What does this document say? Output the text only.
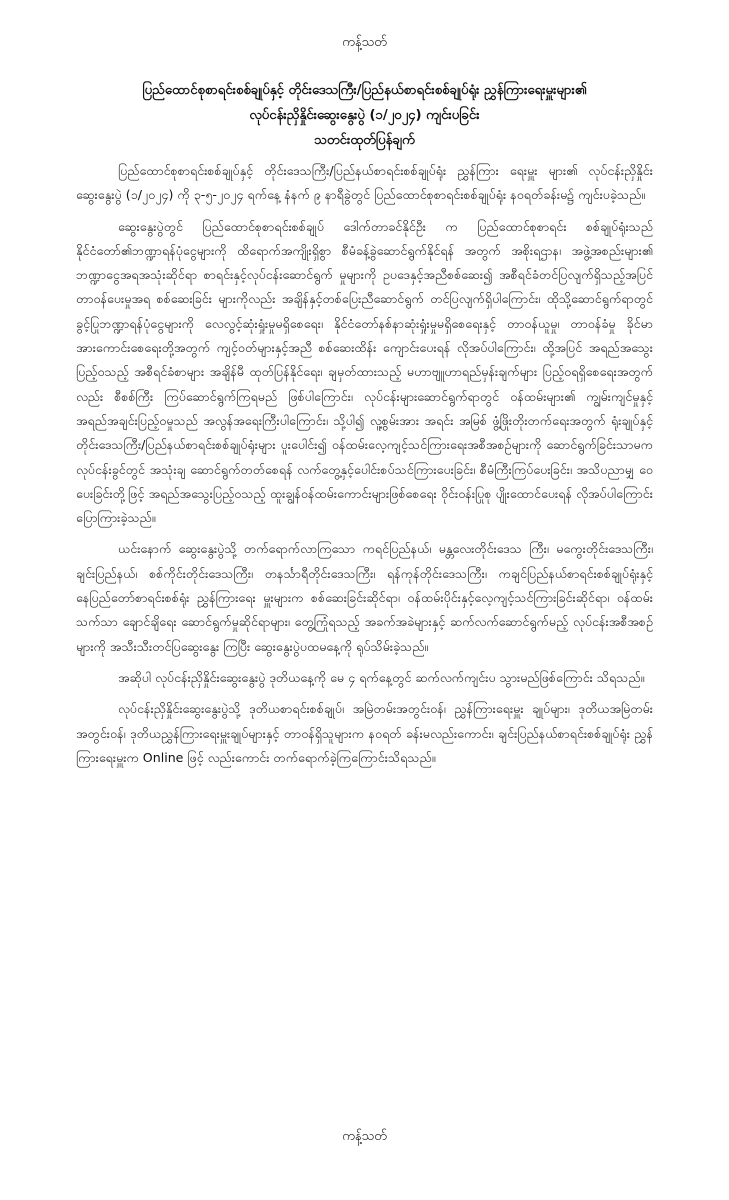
ကန့်သတ်
ပြည်ထောင်စုစာရင်းစစ်ချုပ်နှင့် တိုင်းဒေသကြီး/ပြည်နယ်စာရင်းစစ်ချုပ်ရုံး ညွှန်ကြားရေးမှူးများ၏
လုပ်ငန်းညှိနှိုင်းဆွေးနွေးပွဲ (၁/၂၀၂၄) ကျင်းပခြင်း
သတင်းထုတ်ပြန်ချက်

ပြည်ထောင်စုစာရင်းစစ်ချုပ်နှင့် တိုင်းဒေသကြီး/ပြည်နယ်စာရင်းစစ်ချုပ်ရုံး ညွှန်ကြား ရေးမှူး များ၏ လုပ်ငန်းညှိနှိုင်းဆွေးနွေးပွဲ (၁/၂၀၂၄) ကို ၃-၅-၂၀၂၄ ရက်နေ့ နံနက် ၉ နာရီခွဲတွင် ပြည်ထောင်စုစာရင်းစစ်ချုပ်ရုံး နဝရတ်ခန်းမ၌ ကျင်းပခဲ့သည်။

ဆွေးနွေးပွဲတွင် ပြည်ထောင်စုစာရင်းစစ်ချုပ် ဒေါက်တာခင်နိုင်ဦး က ပြည်ထောင်စုစာရင်း စစ်ချုပ်ရုံးသည် နိုင်ငံတော်၏ဘဏ္ဍာရန်ပုံငွေများကို ထိရောက်အကျိုးရှိစွာ စီမံခန့်ခွဲဆောင်ရွက်နိုင်ရန် အတွက် အစိုးရဌာန၊ အဖွဲ့အစည်းများ၏ ဘဏ္ဍာငွေအရအသုံးဆိုင်ရာ စာရင်းနှင့်လုပ်ငန်းဆောင်ရွက် မှုများကို ဥပဒေနှင့်အညီစစ်ဆေး၍ အစီရင်ခံတင်ပြလျက်ရှိသည့်အပြင် တာဝန်ပေးမှုအရ စစ်ဆေးခြင်း များကိုလည်း အချိန်နှင့်တစ်ပြေးညီဆောင်ရွက် တင်ပြလျက်ရှိပါကြောင်း၊ ထိုသို့ဆောင်ရွက်ရာတွင် ခွင့်ပြုဘဏ္ဍာရန်ပုံငွေများကို လေလွင့်ဆုံးရှုံးမှုမရှိစေရေး၊ နိုင်ငံတော်နစ်နာဆုံးရှုံးမှုမရှိစေရေးနှင့် တာဝန်ယူမှု၊ တာဝန်ခံမှု ခိုင်မာအားကောင်းစေရေးတို့အတွက် ကျင့်ဝတ်များနှင့်အညီ စစ်ဆေးထိန်း ကျောင်းပေးရန် လိုအပ်ပါကြောင်း၊ ထို့အပြင် အရည်အသွေးပြည့်ဝသည့် အစီရင်ခံစာများ အချိန်မီ ထုတ်ပြန်နိုင်ရေး၊ ချမှတ်ထားသည့် မဟာဗျူဟာရည်မှန်းချက်များ ပြည့်ဝရရှိစေရေးအတွက်လည်း စီစစ်ကြီး ကြပ်ဆောင်ရွက်ကြရမည် ဖြစ်ပါကြောင်း၊ လုပ်ငန်းများဆောင်ရွက်ရာတွင် ဝန်ထမ်းများ၏ ကျွမ်းကျင်မှုနှင့် အရည်အချင်းပြည့်ဝမှုသည် အလွန်အရေးကြီးပါကြောင်း၊ သို့ပါ၍ လူ့စွမ်းအား အရင်း အမြစ် ဖွံ့ဖြိုးတိုးတက်ရေးအတွက် ရုံးချုပ်နှင့်တိုင်းဒေသကြီး/ပြည်နယ်စာရင်းစစ်ချုပ်ရုံးများ ပူးပေါင်း၍ ဝန်ထမ်းလေ့ကျင့်သင်ကြားရေးအစီအစဉ်များကို ဆောင်ရွက်ခြင်းသာမက လုပ်ငန်းခွင်တွင် အသုံးချ ဆောင်ရွက်တတ်စေရန် လက်တွေ့နှင့်ပေါင်းစပ်သင်ကြားပေးခြင်း၊ စီမံကြီးကြပ်ပေးခြင်း၊ အသိပညာမျှ ဝေပေးခြင်းတို့ဖြင့် အရည်အသွေးပြည့်ဝသည့် ထူးချွန်ဝန်ထမ်းကောင်းများဖြစ်စေရေး ဝိုင်းဝန်းပြုစု ပျိုးထောင်ပေးရန် လိုအပ်ပါကြောင်း ပြောကြားခဲ့သည်။

ယင်းနောက် ဆွေးနွေးပွဲသို့ တက်ရောက်လာကြသော ကရင်ပြည်နယ်၊ မန္တလေးတိုင်းဒေသ ကြီး၊ မကွေးတိုင်းဒေသကြီး၊ ချင်းပြည်နယ်၊ စစ်ကိုင်းတိုင်းဒေသကြီး၊ တနင်္သာရီတိုင်းဒေသကြီး၊ ရန်ကုန်တိုင်းဒေသကြီး၊ ကချင်ပြည်နယ်စာရင်းစစ်ချုပ်ရုံးနှင့် နေပြည်တော်စာရင်းစစ်ရုံး ညွှန်ကြားရေး မှူးများက စစ်ဆေးခြင်းဆိုင်ရာ၊ ဝန်ထမ်းပိုင်းနှင့်လေ့ကျင့်သင်ကြားခြင်းဆိုင်ရာ၊ ဝန်ထမ်းသက်သာ ချောင်ချိရေး ဆောင်ရွက်မှုဆိုင်ရာများ၊ တွေ့ကြုံရသည့် အခက်အခဲများနှင့် ဆက်လက်ဆောင်ရွက်မည့် လုပ်ငန်းအစီအစဉ်များကို အသီးသီးတင်ပြဆွေးနွေး ကြပြီး ဆွေးနွေးပွဲပထမနေ့ကို ရုပ်သိမ်းခဲ့သည်။

အဆိုပါ လုပ်ငန်းညှိနှိုင်းဆွေးနွေးပွဲ ဒုတိယနေ့ကို မေ ၄ ရက်နေ့တွင် ဆက်လက်ကျင်းပ သွားမည်ဖြစ်ကြောင်း သိရသည်။

လုပ်ငန်းညှိနှိုင်းဆွေးနွေးပွဲသို့ ဒုတိယစာရင်းစစ်ချုပ်၊ အမြဲတမ်းအတွင်းဝန်၊ ညွှန်ကြားရေးမှူး ချုပ်များ၊ ဒုတိယအမြဲတမ်းအတွင်းဝန်၊ ဒုတိယညွှန်ကြားရေးမှူးချုပ်များနှင့် တာဝန်ရှိသူများက နဝရတ် ခန်းမလည်းကောင်း၊ ချင်းပြည်နယ်စာရင်းစစ်ချုပ်ရုံး ညွှန်ကြားရေးမှူးက Online ဖြင့် လည်းကောင်း တက်ရောက်ခဲ့ကြကြောင်းသိရသည်။

ကန့်သတ်
